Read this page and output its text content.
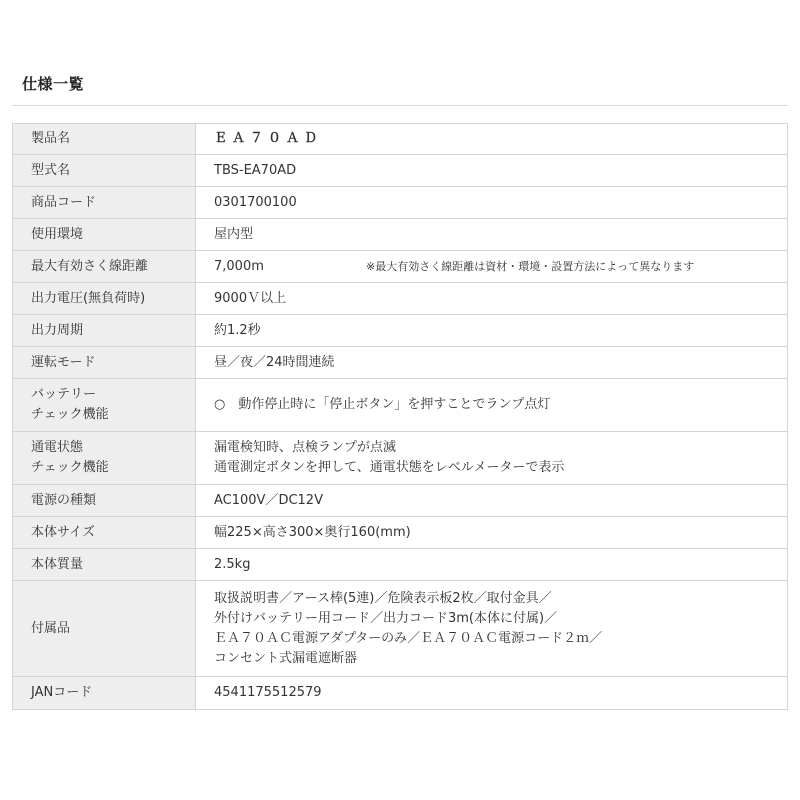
仕様一覧
製品名	ＥＡ７０ＡＤ
型式名	TBS-EA70AD
商品コード	0301700100
使用環境	屋内型
最大有効さく線距離	7,000m ※最大有効さく線距離は資材・環境・設置方法によって異なります

出力電圧(無負荷時)	9000Ｖ以上
出力周期	約1.2秒
運転モード	昼／夜／24時間連続

バッテリー
チェック機能	○　動作停止時に「停止ボタン」を押すことでランプ点灯

通電状態
チェック機能	漏電検知時、点検ランプが点滅
通電測定ボタンを押して、通電状態をレベルメーターで表示

電源の種類	AC100V／DC12V
本体サイズ	幅225×高さ300×奥行160(mm)
本体質量	2.5kg
付属品	取扱説明書／アース棒(5連)／危険表示板2枚／取付金具／
外付けバッテリー用コード／出力コード3m(本体に付属)／
ＥＡ７０ＡＣ電源アダプターのみ／ＥＡ７０ＡＣ電源コード２ｍ／
コンセント式漏電遮断器

JANコード	4541175512579
